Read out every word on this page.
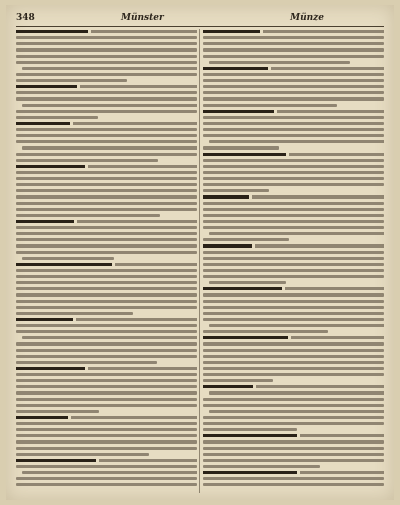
348	Münster	Münze
